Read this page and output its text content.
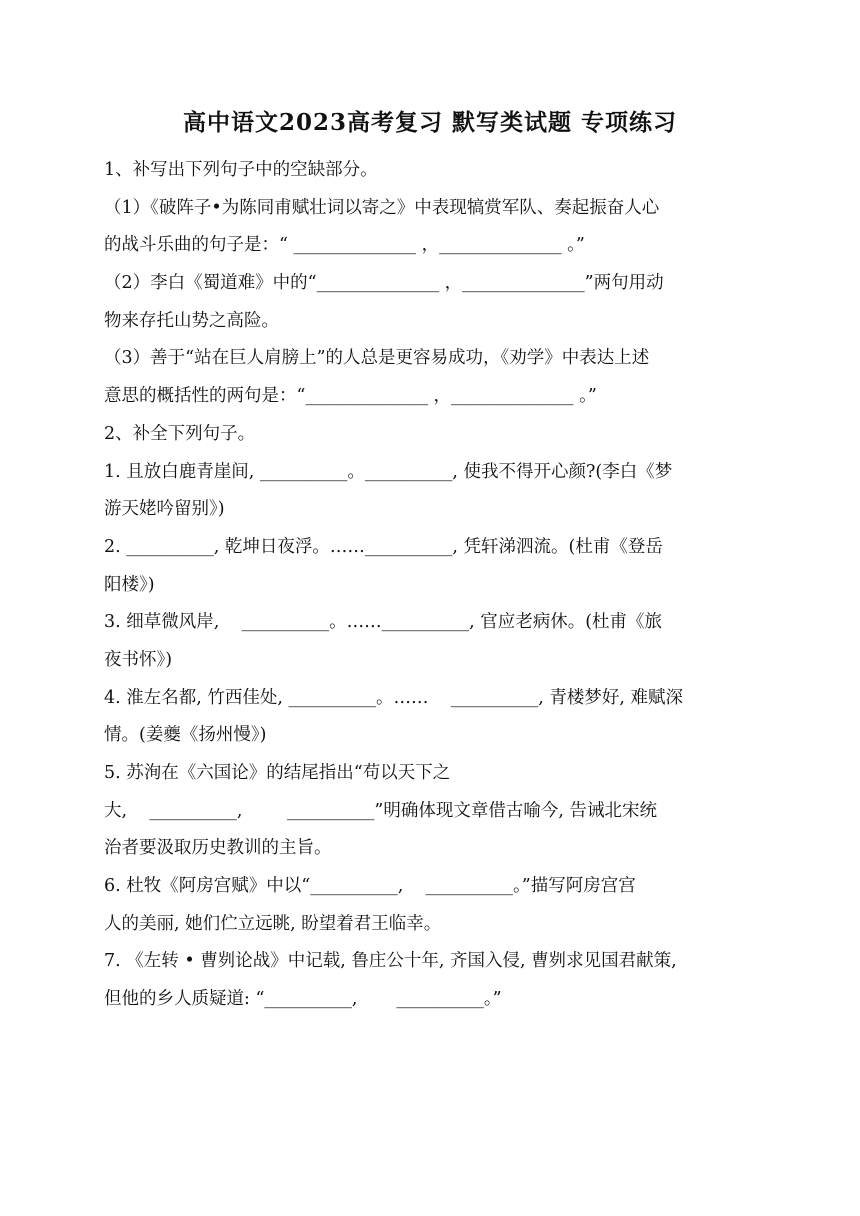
高中语文2023高考复习 默写类试题 专项练习
1、补写出下列句子中的空缺部分。
（1）《破阵子•为陈同甫赋壮词以寄之》中表现犒赏军队、奏起振奋人心
的战斗乐曲的句子是：“ ______________ ，______________ 。”
（2）李白《蜀道难》中的“______________ ，______________”两句用动
物来存托山势之高险。
（3）善于“站在巨人肩膀上”的人总是更容易成功，《劝学》中表达上述
意思的概括性的两句是：“______________ ，______________ 。”
2、补全下列句子。
1. 且放白鹿青崖间, __________。__________, 使我不得开心颜?(李白《梦
游天姥吟留别》)
2. __________, 乾坤日夜浮。……__________, 凭轩涕泗流。(杜甫《登岳
阳楼》)
3. 细草微风岸,    __________。……__________, 官应老病休。(杜甫《旅
夜书怀》)
4. 淮左名都, 竹西佳处, __________。……    __________, 青楼梦好, 难赋深
情。(姜夔《扬州慢》)
5. 苏洵在《六国论》的结尾指出“苟以天下之
大,    __________,        __________”明确体现文章借古喻今, 告诫北宋统
治者要汲取历史教训的主旨。
6. 杜牧《阿房宫赋》中以“__________,    __________。”描写阿房宫宫
人的美丽, 她们伫立远眺, 盼望着君王临幸。
7. 《左转 • 曹刿论战》中记载, 鲁庄公十年, 齐国入侵, 曹刿求见国君献策,
但他的乡人质疑道: “__________,       __________。”
